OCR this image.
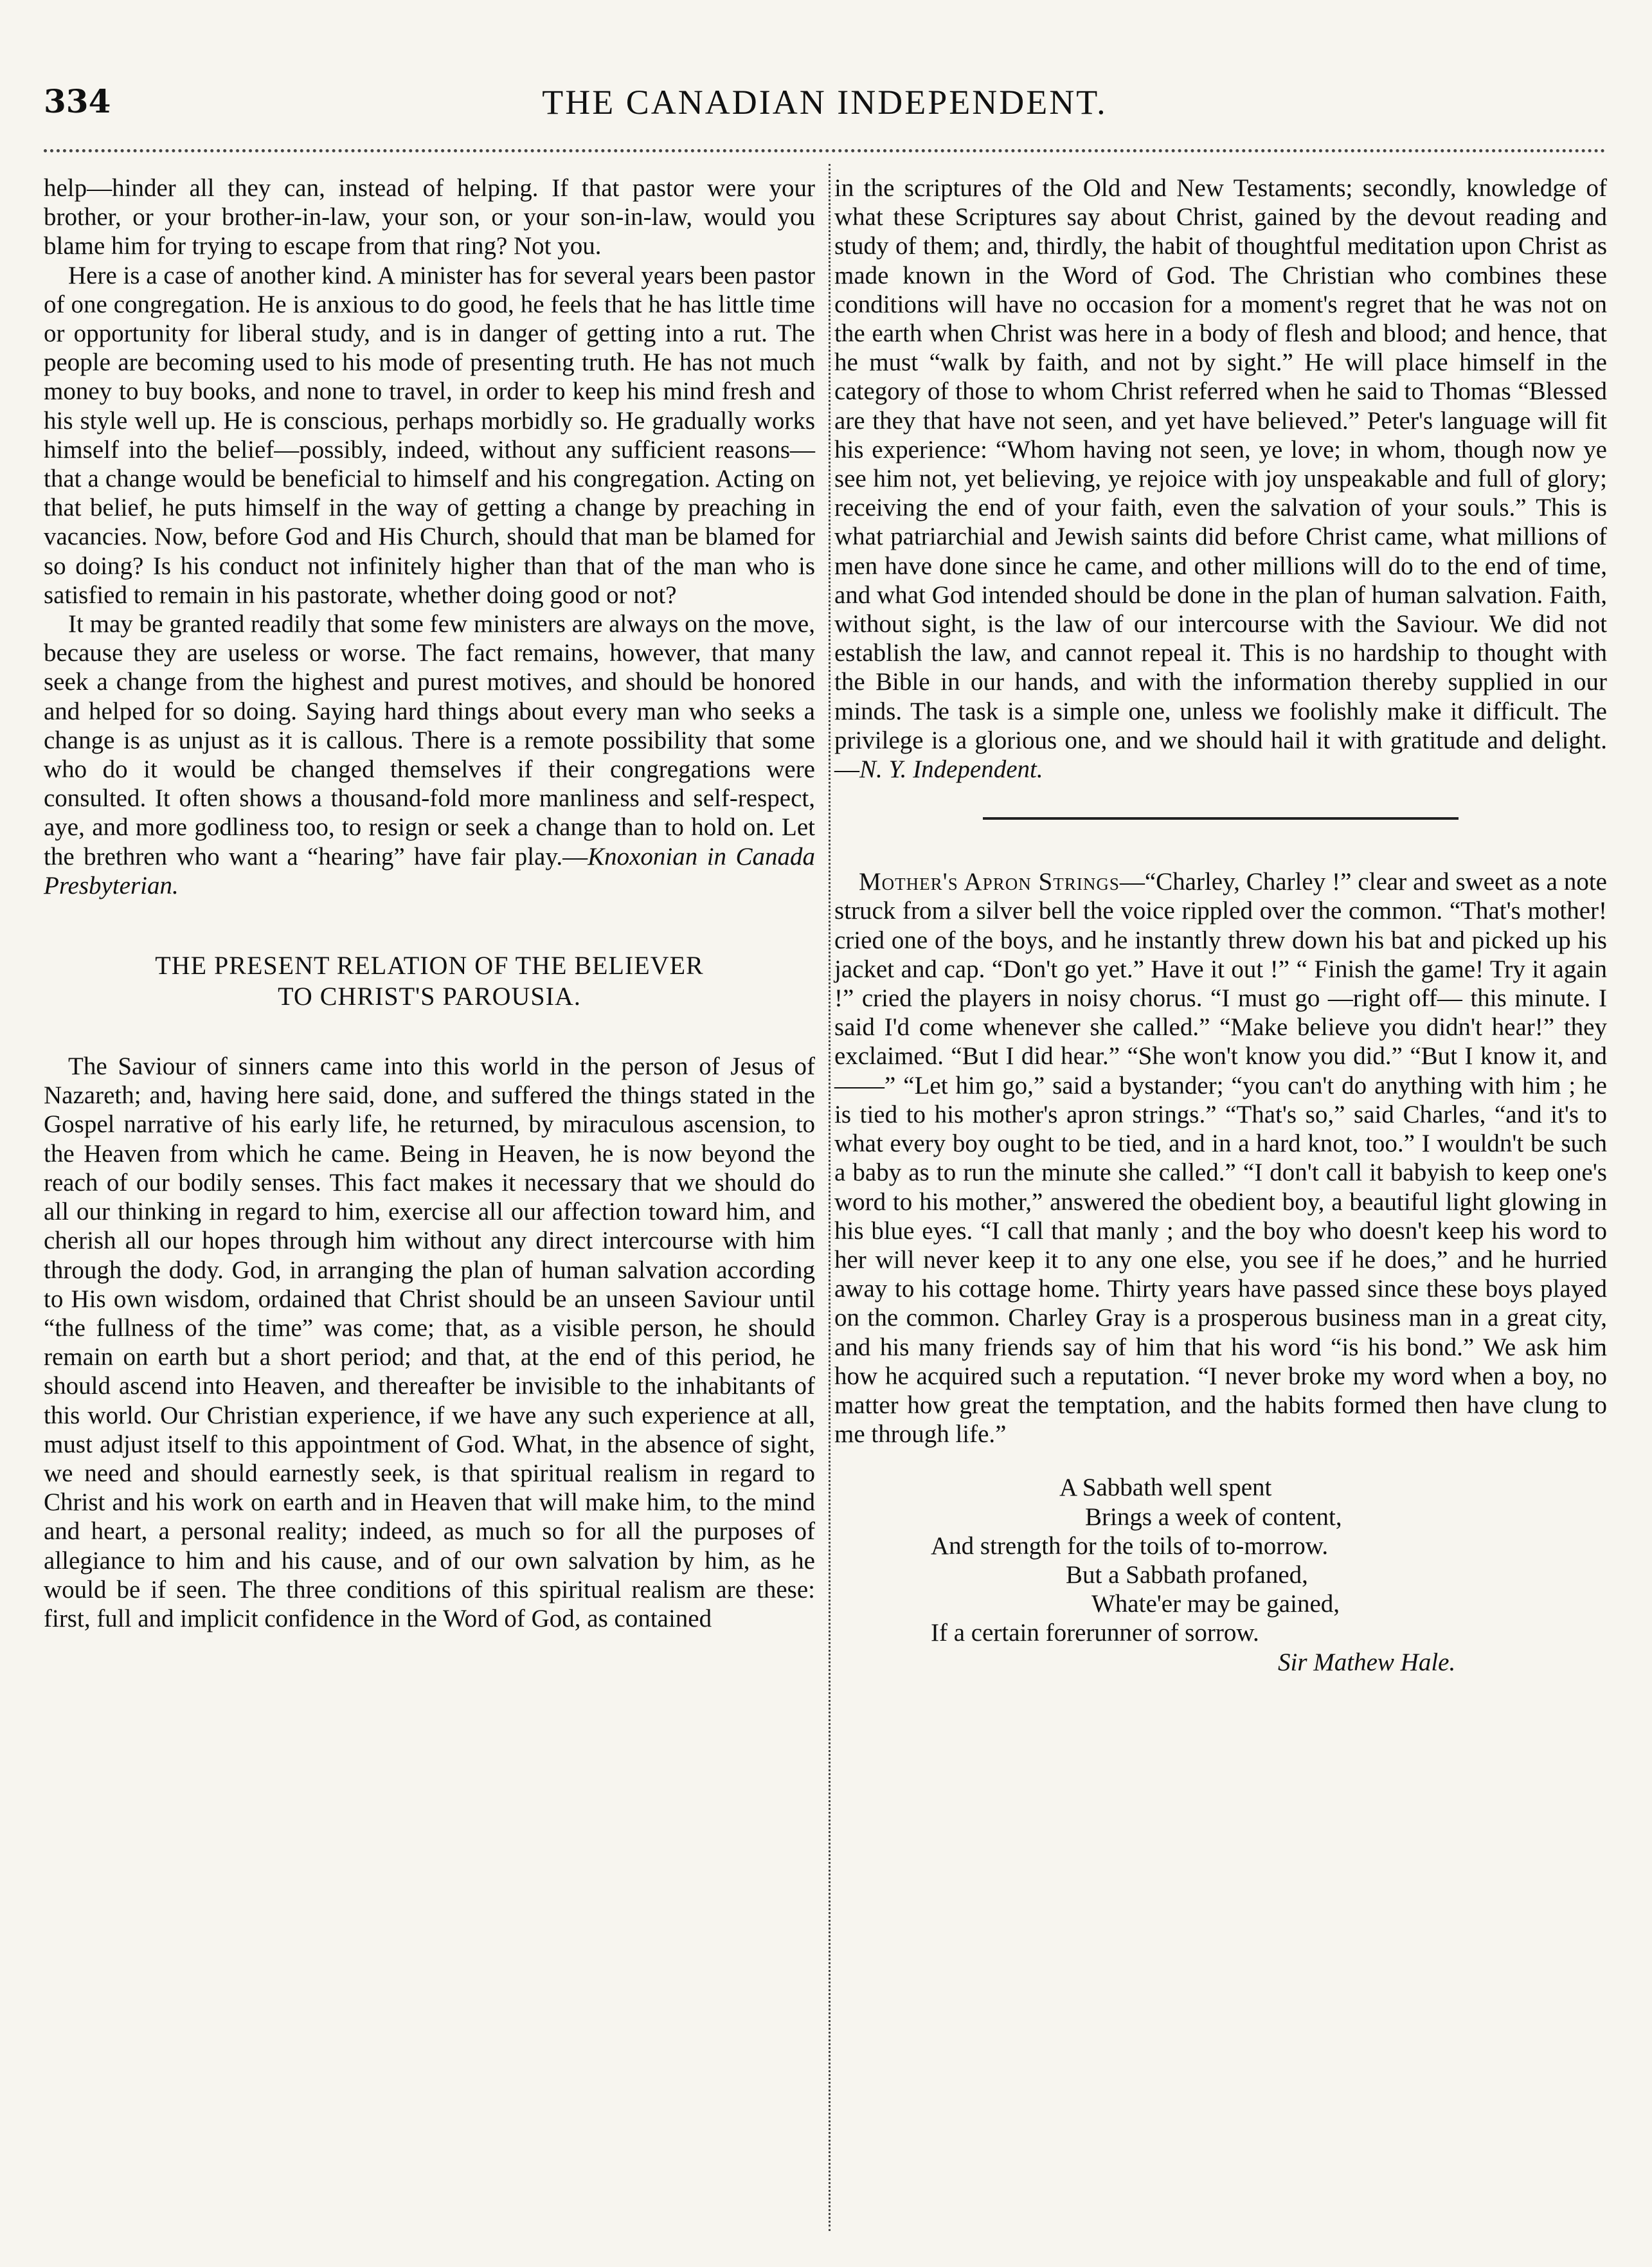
334	THE CANADIAN INDEPENDENT.

help—hinder all they can, instead of helping. If that pastor were your brother, or your brother-in-law, your son, or your son-in-law, would you blame him for trying to escape from that ring? Not you.

Here is a case of another kind. A minister has for several years been pastor of one congregation. He is anxious to do good, he feels that he has little time or opportunity for liberal study, and is in danger of getting into a rut. The people are becoming used to his mode of presenting truth. He has not much money to buy books, and none to travel, in order to keep his mind fresh and his style well up. He is conscious, perhaps morbidly so. He gradually works himself into the belief—possibly, indeed, without any sufficient reasons—that a change would be beneficial to himself and his congregation. Acting on that belief, he puts himself in the way of getting a change by preaching in vacancies. Now, before God and His Church, should that man be blamed for so doing? Is his conduct not infinitely higher than that of the man who is satisfied to remain in his pastorate, whether doing good or not?

It may be granted readily that some few ministers are always on the move, because they are useless or worse. The fact remains, however, that many seek a change from the highest and purest motives, and should be honored and helped for so doing. Saying hard things about every man who seeks a change is as unjust as it is callous. There is a remote possibility that some who do it would be changed themselves if their congregations were consulted. It often shows a thousand-fold more manliness and self-respect, aye, and more godliness too, to resign or seek a change than to hold on. Let the brethren who want a “hearing” have fair play.—Knoxonian in Canada Presbyterian.

THE PRESENT RELATION OF THE BELIEVER
TO CHRIST'S PAROUSIA.

The Saviour of sinners came into this world in the person of Jesus of Nazareth; and, having here said, done, and suffered the things stated in the Gospel narrative of his early life, he returned, by miraculous ascension, to the Heaven from which he came. Being in Heaven, he is now beyond the reach of our bodily senses. This fact makes it necessary that we should do all our thinking in regard to him, exercise all our affection toward him, and cherish all our hopes through him without any direct intercourse with him through the dody. God, in arranging the plan of human salvation according to His own wisdom, ordained that Christ should be an unseen Saviour until “the fullness of the time” was come; that, as a visible person, he should remain on earth but a short period; and that, at the end of this period, he should ascend into Heaven, and thereafter be invisible to the inhabitants of this world. Our Christian experience, if we have any such experience at all, must adjust itself to this appointment of God. What, in the absence of sight, we need and should earnestly seek, is that spiritual realism in regard to Christ and his work on earth and in Heaven that will make him, to the mind and heart, a personal reality; indeed, as much so for all the purposes of allegiance to him and his cause, and of our own salvation by him, as he would be if seen. The three conditions of this spiritual realism are these: first, full and implicit confidence in the Word of God, as contained

in the scriptures of the Old and New Testaments; secondly, knowledge of what these Scriptures say about Christ, gained by the devout reading and study of them; and, thirdly, the habit of thoughtful meditation upon Christ as made known in the Word of God. The Christian who combines these conditions will have no occasion for a moment's regret that he was not on the earth when Christ was here in a body of flesh and blood; and hence, that he must “walk by faith, and not by sight.” He will place himself in the category of those to whom Christ referred when he said to Thomas “Blessed are they that have not seen, and yet have believed.” Peter's language will fit his experience: “Whom having not seen, ye love; in whom, though now ye see him not, yet believing, ye rejoice with joy unspeakable and full of glory; receiving the end of your faith, even the salvation of your souls.” This is what patriarchial and Jewish saints did before Christ came, what millions of men have done since he came, and other millions will do to the end of time, and what God intended should be done in the plan of human salvation. Faith, without sight, is the law of our intercourse with the Saviour. We did not establish the law, and cannot repeal it. This is no hardship to thought with the Bible in our hands, and with the information thereby supplied in our minds. The task is a simple one, unless we foolishly make it difficult. The privilege is a glorious one, and we should hail it with gratitude and delight.—N. Y. Independent.

Mother's Apron Strings—“Charley, Charley !” clear and sweet as a note struck from a silver bell the voice rippled over the common. “That's mother! cried one of the boys, and he instantly threw down his bat and picked up his jacket and cap. “Don't go yet.” Have it out !” “ Finish the game! Try it again !” cried the players in noisy chorus. “I must go —right off— this minute. I said I'd come whenever she called.” “Make believe you didn't hear!” they exclaimed. “But I did hear.” “She won't know you did.” “But I know it, and——” “Let him go,” said a bystander; “you can't do anything with him ; he is tied to his mother's apron strings.” “That's so,” said Charles, “and it's to what every boy ought to be tied, and in a hard knot, too.” I wouldn't be such a baby as to run the minute she called.” “I don't call it babyish to keep one's word to his mother,” answered the obedient boy, a beautiful light glowing in his blue eyes. “I call that manly ; and the boy who doesn't keep his word to her will never keep it to any one else, you see if he does,” and he hurried away to his cottage home. Thirty years have passed since these boys played on the common. Charley Gray is a prosperous business man in a great city, and his many friends say of him that his word “is his bond.” We ask him how he acquired such a reputation. “I never broke my word when a boy, no matter how great the temptation, and the habits formed then have clung to me through life.”

A Sabbath well spent
Brings a week of content,
And strength for the toils of to-morrow.
But a Sabbath profaned,
Whate'er may be gained,
If a certain forerunner of sorrow.
Sir Mathew Hale.
